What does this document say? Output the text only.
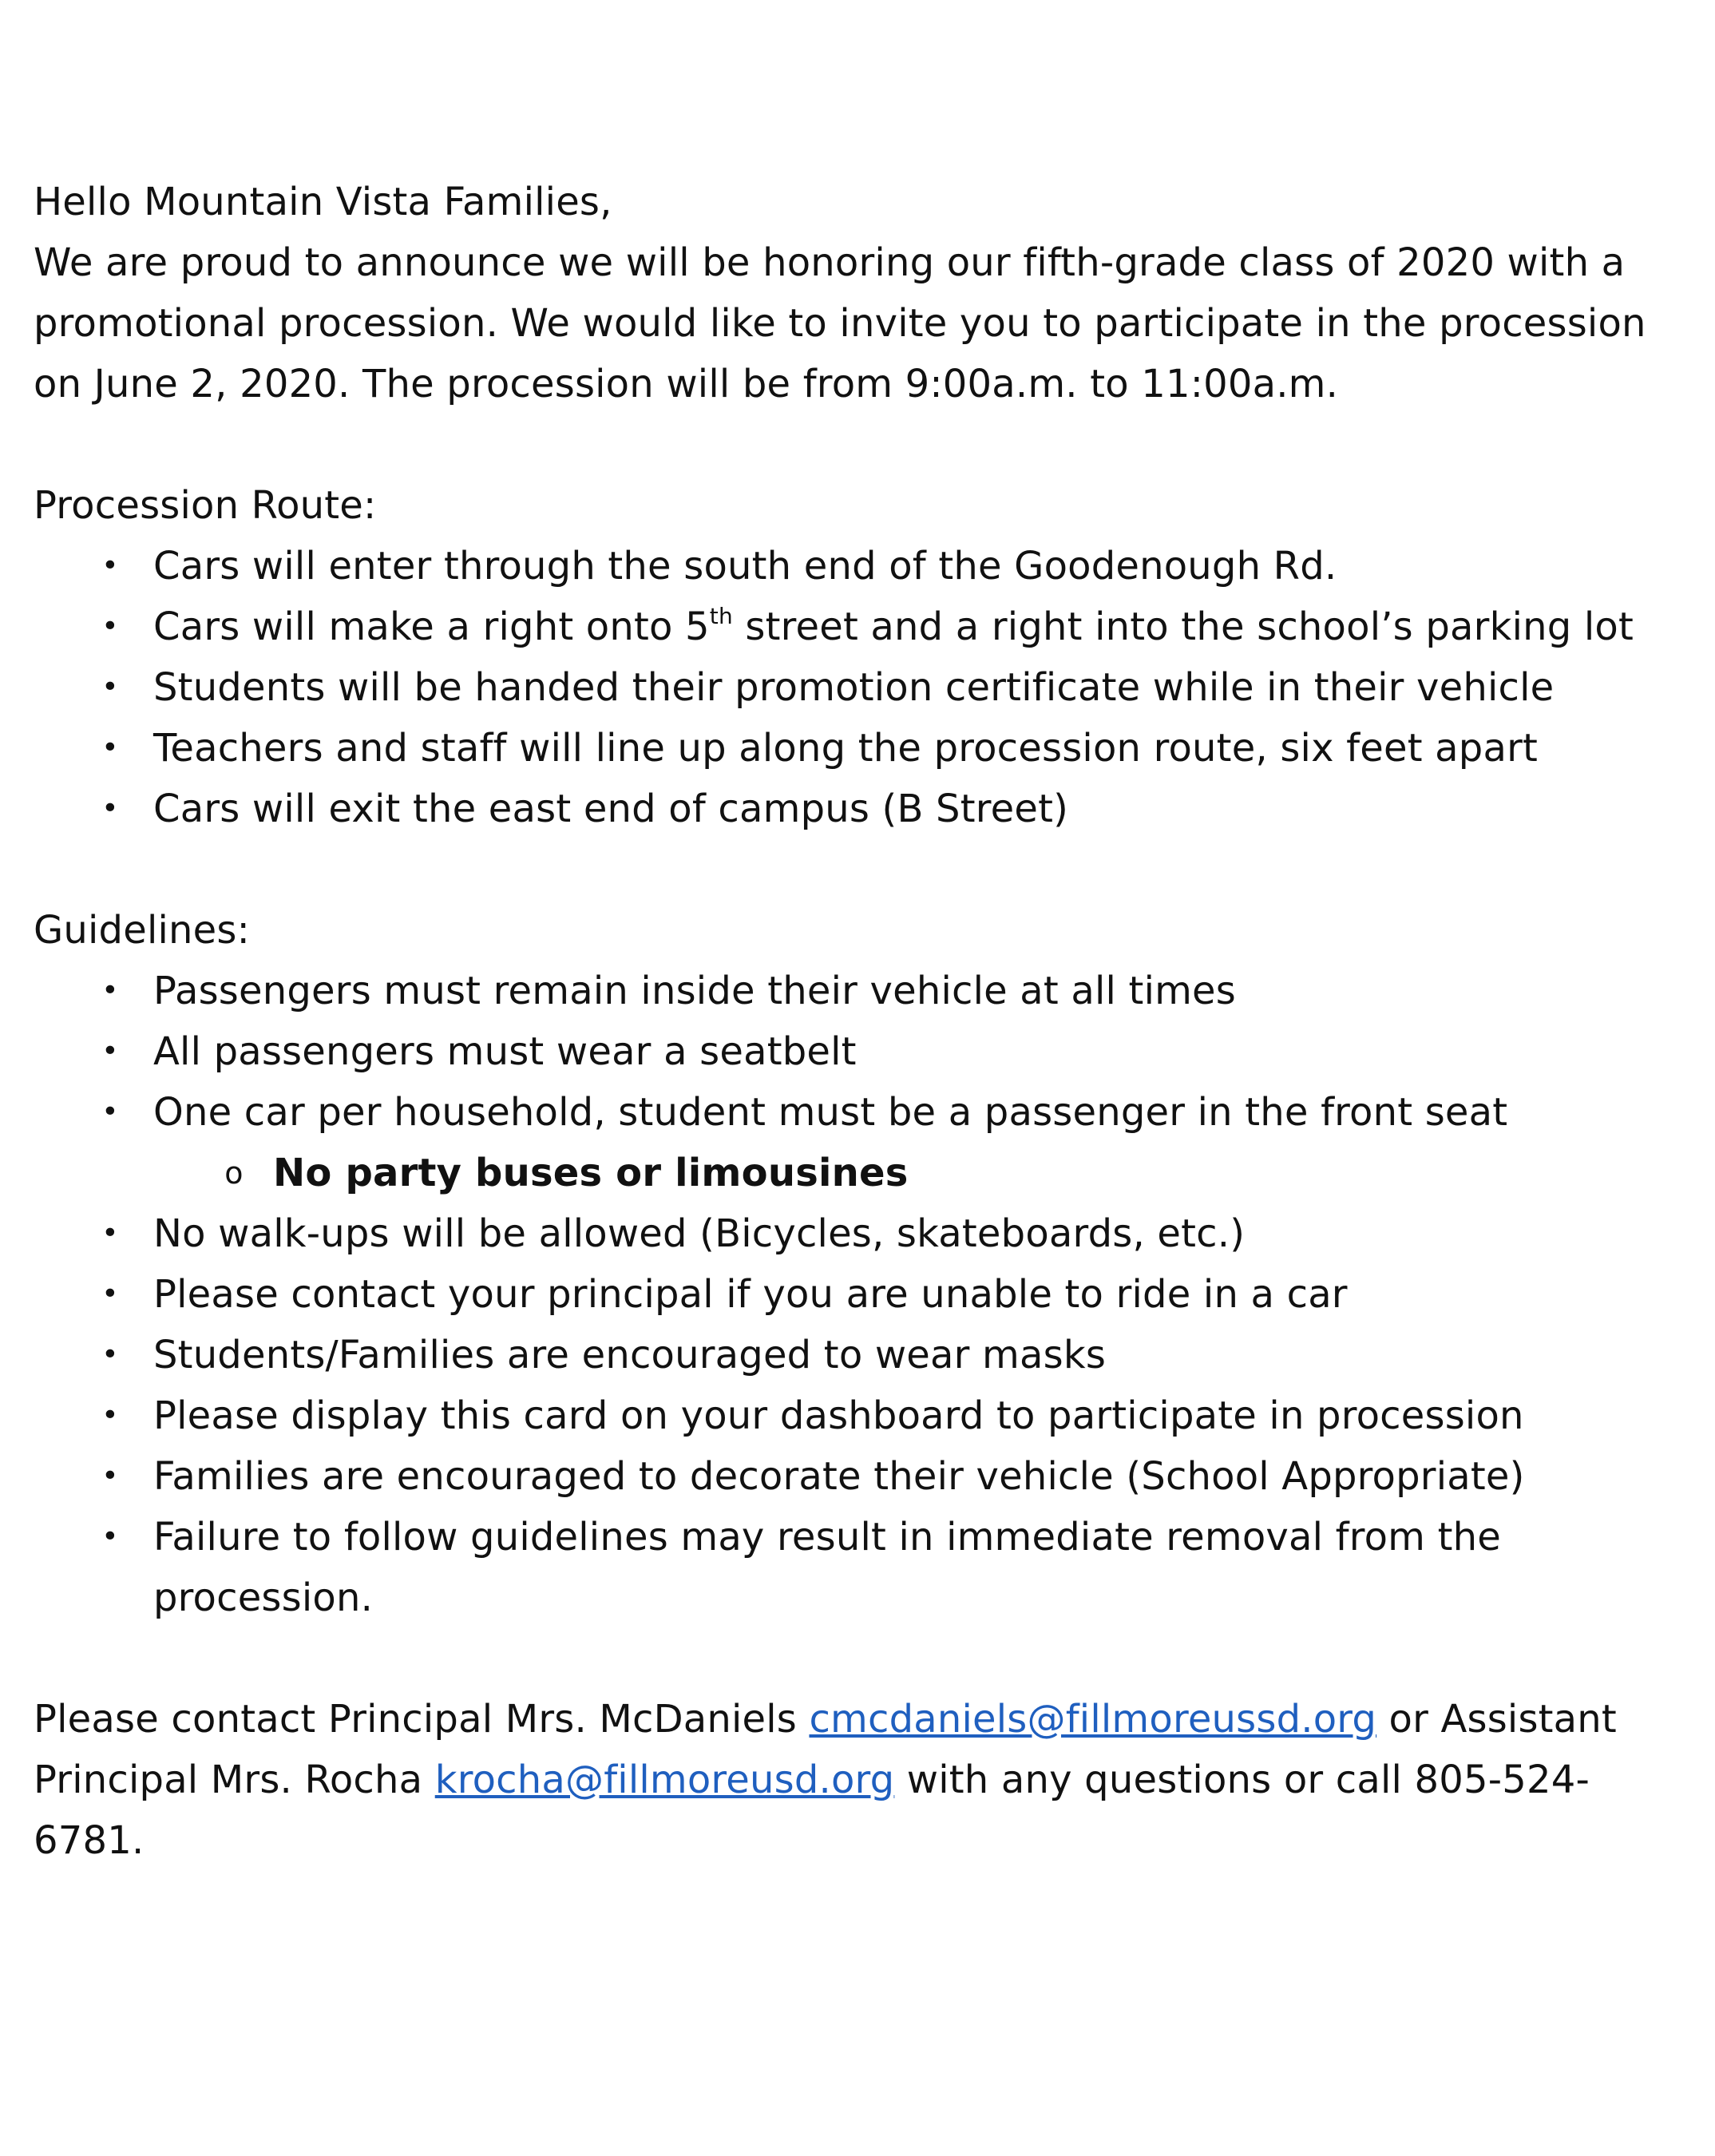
Hello Mountain Vista Families,

We are proud to announce we will be honoring our fifth-grade class of 2020 with a

promotional procession. We would like to invite you to participate in the procession

on June 2, 2020. The procession will be from 9:00a.m. to 11:00a.m.

Procession Route:

• Cars will enter through the south end of the Goodenough Rd.
• Cars will make a right onto 5th street and a right into the school’s parking lot
• Students will be handed their promotion certificate while in their vehicle
• Teachers and staff will line up along the procession route, six feet apart
• Cars will exit the east end of campus (B Street)

Guidelines:

• Passengers must remain inside their vehicle at all times
• All passengers must wear a seatbelt
• One car per household, student must be a passenger in the front seat
o No party buses or limousines
• No walk-ups will be allowed (Bicycles, skateboards, etc.)
• Please contact your principal if you are unable to ride in a car
• Students/Families are encouraged to wear masks
• Please display this card on your dashboard to participate in procession
• Families are encouraged to decorate their vehicle (School Appropriate)
• Failure to follow guidelines may result in immediate removal from the
procession.

Please contact Principal Mrs. McDaniels cmcdaniels@fillmoreussd.org or Assistant

Principal Mrs. Rocha krocha@fillmoreusd.org with any questions or call 805-524-

6781.
